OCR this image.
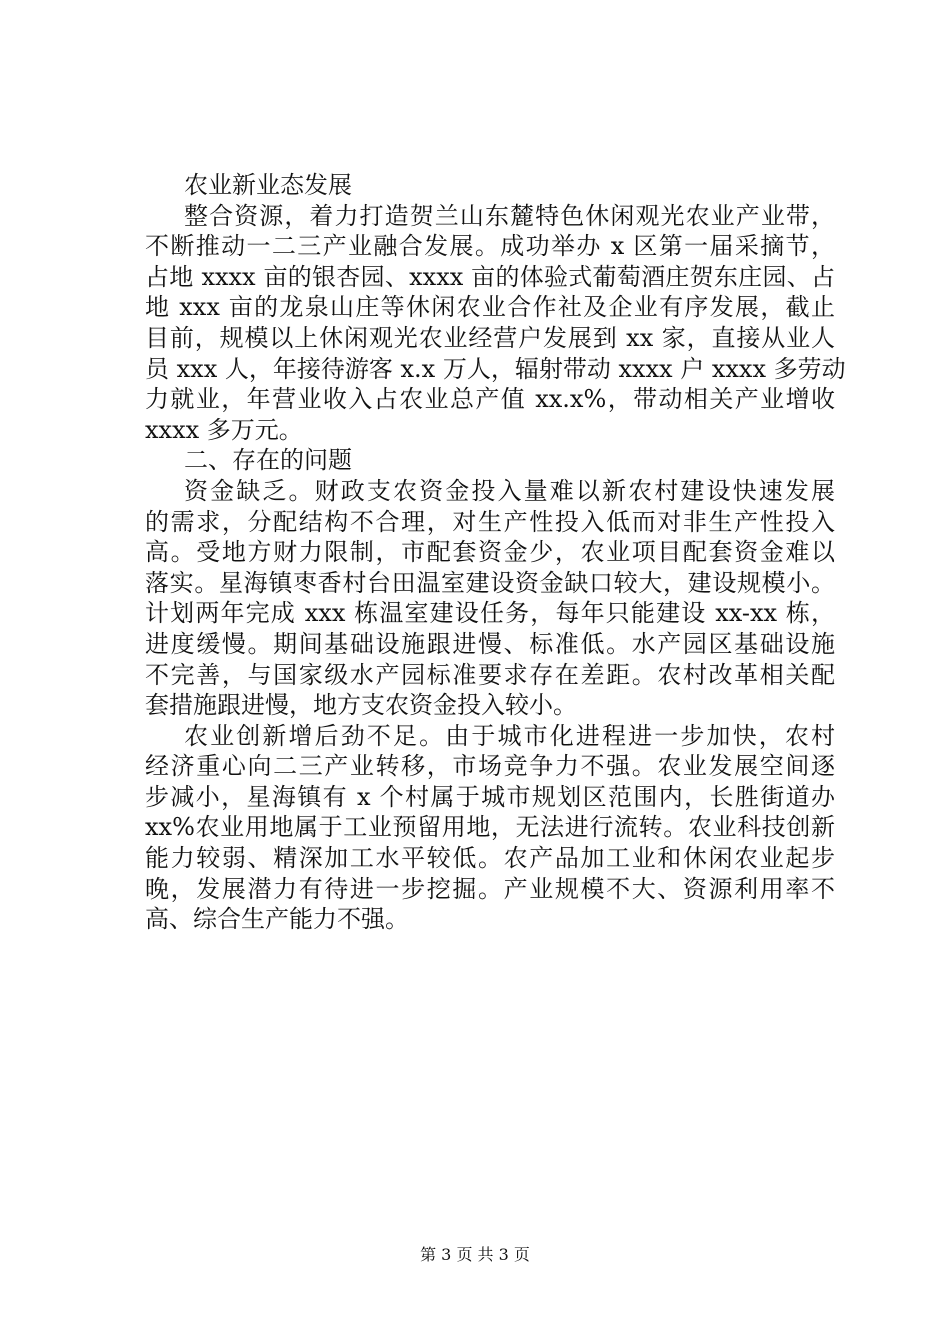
农业新业态发展
整合资源，着力打造贺兰山东麓特色休闲观光农业产业带，
不断推动一二三产业融合发展。成功举办 x 区第一届采摘节，
占地 xxxx 亩的银杏园、xxxx 亩的体验式葡萄酒庄贺东庄园、占
地 xxx 亩的龙泉山庄等休闲农业合作社及企业有序发展，截止
目前，规模以上休闲观光农业经营户发展到 xx 家，直接从业人
员 xxx 人，年接待游客 x.x 万人，辐射带动 xxxx 户 xxxx 多劳动
力就业，年营业收入占农业总产值 xx.x%，带动相关产业增收
xxxx 多万元。
二、存在的问题
资金缺乏。财政支农资金投入量难以新农村建设快速发展
的需求，分配结构不合理，对生产性投入低而对非生产性投入
高。受地方财力限制，市配套资金少，农业项目配套资金难以
落实。星海镇枣香村台田温室建设资金缺口较大，建设规模小。
计划两年完成 xxx 栋温室建设任务，每年只能建设 xx-xx 栋，
进度缓慢。期间基础设施跟进慢、标准低。水产园区基础设施
不完善，与国家级水产园标准要求存在差距。农村改革相关配
套措施跟进慢，地方支农资金投入较小。
农业创新增后劲不足。由于城市化进程进一步加快，农村
经济重心向二三产业转移，市场竞争力不强。农业发展空间逐
步减小，星海镇有 x 个村属于城市规划区范围内，长胜街道办
xx%农业用地属于工业预留用地，无法进行流转。农业科技创新
能力较弱、精深加工水平较低。农产品加工业和休闲农业起步
晚，发展潜力有待进一步挖掘。产业规模不大、资源利用率不
高、综合生产能力不强。
第 3 页 共 3 页
